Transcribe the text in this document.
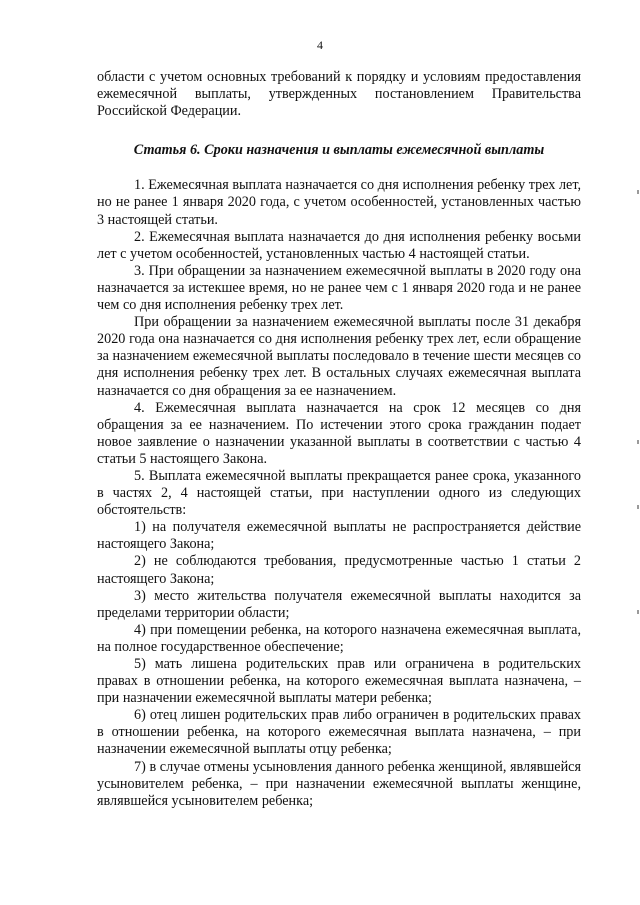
4

области с учетом основных требований к порядку и условиям предоставления ежемесячной выплаты, утвержденных постановлением Правительства Российской Федерации.

Статья 6. Сроки назначения и выплаты ежемесячной выплаты

1. Ежемесячная выплата назначается со дня исполнения ребенку трех лет, но не ранее 1 января 2020 года, с учетом особенностей, установленных частью 3 настоящей статьи.

2. Ежемесячная выплата назначается до дня исполнения ребенку восьми лет с учетом особенностей, установленных частью 4 настоящей статьи.

3. При обращении за назначением ежемесячной выплаты в 2020 году она назначается за истекшее время, но не ранее чем с 1 января 2020 года и не ранее чем со дня исполнения ребенку трех лет.

При обращении за назначением ежемесячной выплаты после 31 декабря 2020 года она назначается со дня исполнения ребенку трех лет, если обращение за назначением ежемесячной выплаты последовало в течение шести месяцев со дня исполнения ребенку трех лет. В остальных случаях ежемесячная выплата назначается со дня обращения за ее назначением.

4. Ежемесячная выплата назначается на срок 12 месяцев со дня обращения за ее назначением. По истечении этого срока гражданин подает новое заявление о назначении указанной выплаты в соответствии с частью 4 статьи 5 настоящего Закона.

5. Выплата ежемесячной выплаты прекращается ранее срока, указанного в частях 2, 4 настоящей статьи, при наступлении одного из следующих обстоятельств:

1) на получателя ежемесячной выплаты не распространяется действие настоящего Закона;

2) не соблюдаются требования, предусмотренные частью 1 статьи 2 настоящего Закона;

3) место жительства получателя ежемесячной выплаты находится за пределами территории области;

4) при помещении ребенка, на которого назначена ежемесячная выплата, на полное государственное обеспечение;

5) мать лишена родительских прав или ограничена в родительских правах в отношении ребенка, на которого ежемесячная выплата назначена, – при назначении ежемесячной выплаты матери ребенка;

6) отец лишен родительских прав либо ограничен в родительских правах в отношении ребенка, на которого ежемесячная выплата назначена, – при назначении ежемесячной выплаты отцу ребенка;

7) в случае отмены усыновления данного ребенка женщиной, являвшейся усыновителем ребенка, – при назначении ежемесячной выплаты женщине, являвшейся усыновителем ребенка;
